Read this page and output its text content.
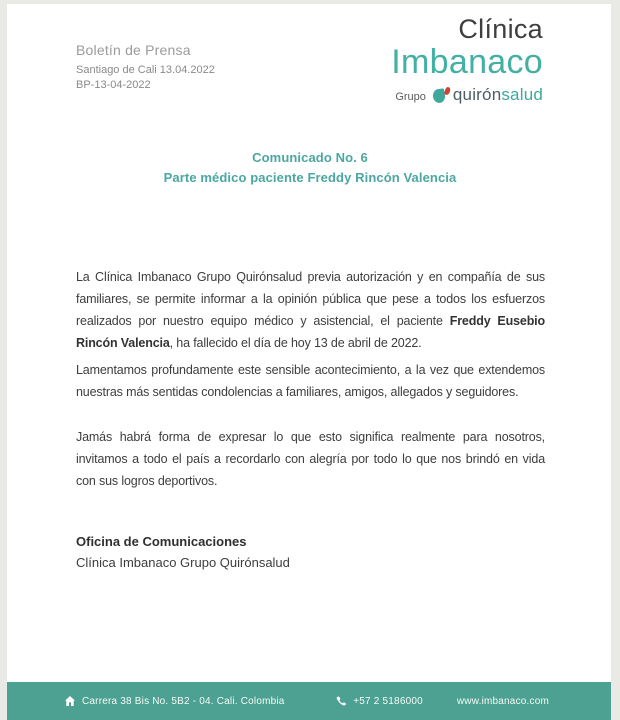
Boletín de Prensa
Santiago de Cali 13.04.2022
BP-13-04-2022
Clínica
Imbanaco
Grupo quirón salud
Comunicado No. 6
Parte médico paciente Freddy Rincón Valencia

La Clínica Imbanaco Grupo Quirónsalud previa autorización y en compañía de sus familiares, se permite informar a la opinión pública que pese a todos los esfuerzos realizados por nuestro equipo médico y asistencial, el paciente Freddy Eusebio Rincón Valencia, ha fallecido el día de hoy 13 de abril de 2022.

Lamentamos profundamente este sensible acontecimiento, a la vez que extendemos nuestras más sentidas condolencias a familiares, amigos, allegados y seguidores.

Jamás habrá forma de expresar lo que esto significa realmente para nosotros, invitamos a todo el país a recordarlo con alegría por todo lo que nos brindó en vida con sus logros deportivos.

Oficina de Comunicaciones
Clínica Imbanaco Grupo Quirónsalud
Carrera 38 Bis No. 5B2 - 04. Cali. Colombia	+57 2 5186000	www.imbanaco.com
